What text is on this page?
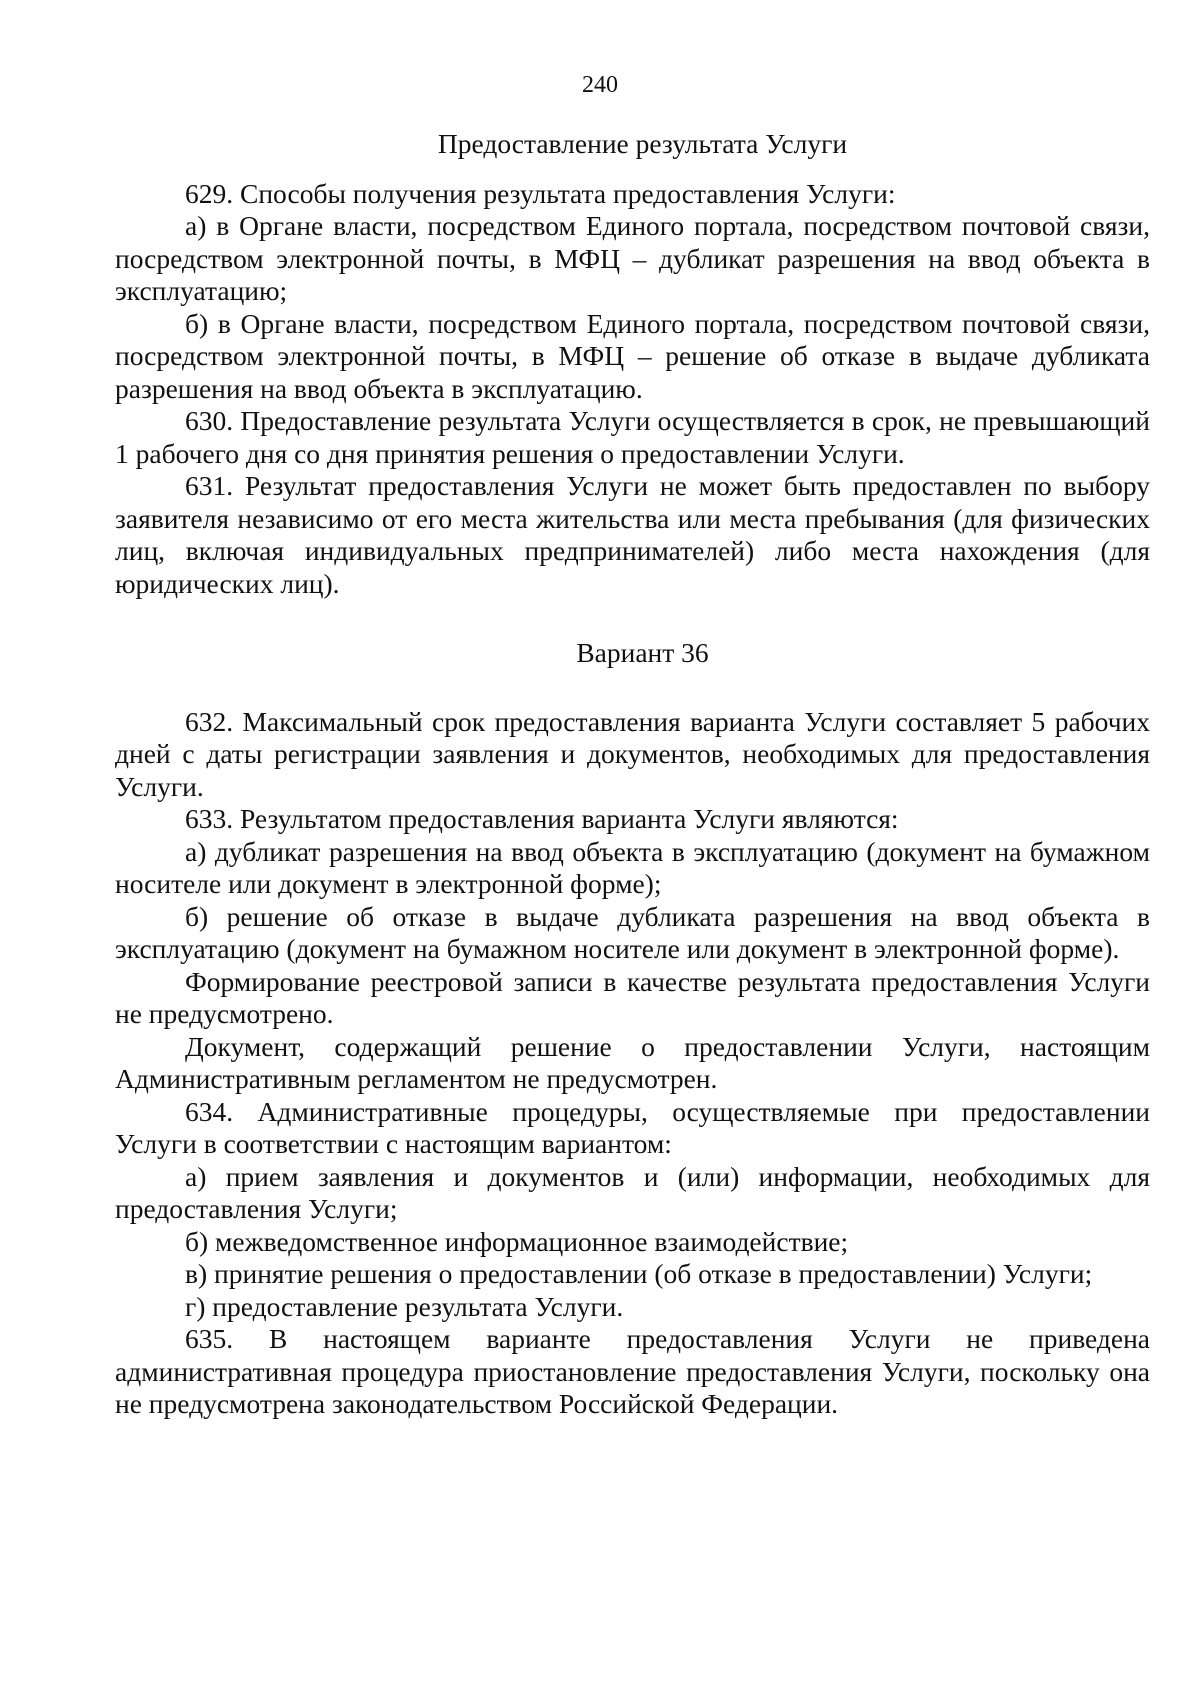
240
Предоставление результата Услуги

629. Способы получения результата предоставления Услуги:

а) в Органе власти, посредством Единого портала, посредством почтовой связи, посредством электронной почты, в МФЦ – дубликат разрешения на ввод объекта в эксплуатацию;

б) в Органе власти, посредством Единого портала, посредством почтовой связи, посредством электронной почты, в МФЦ – решение об отказе в выдаче дубликата разрешения на ввод объекта в эксплуатацию.

630. Предоставление результата Услуги осуществляется в срок, не превышающий 1 рабочего дня со дня принятия решения о предоставлении Услуги.

631. Результат предоставления Услуги не может быть предоставлен по выбору заявителя независимо от его места жительства или места пребывания (для физических лиц, включая индивидуальных предпринимателей) либо места нахождения (для юридических лиц).

Вариант 36

632. Максимальный срок предоставления варианта Услуги составляет 5 рабочих дней с даты регистрации заявления и документов, необходимых для предоставления Услуги.

633. Результатом предоставления варианта Услуги являются:

а) дубликат разрешения на ввод объекта в эксплуатацию (документ на бумажном носителе или документ в электронной форме);

б) решение об отказе в выдаче дубликата разрешения на ввод объекта в эксплуатацию (документ на бумажном носителе или документ в электронной форме).

Формирование реестровой записи в качестве результата предоставления Услуги не предусмотрено.

Документ, содержащий решение о предоставлении Услуги, настоящим Административным регламентом не предусмотрен.

634. Административные процедуры, осуществляемые при предоставлении Услуги в соответствии с настоящим вариантом:

а) прием заявления и документов и (или) информации, необходимых для предоставления Услуги;

б) межведомственное информационное взаимодействие;

в) принятие решения о предоставлении (об отказе в предоставлении) Услуги;

г) предоставление результата Услуги.

635. В настоящем варианте предоставления Услуги не приведена административная процедура приостановление предоставления Услуги, поскольку она не предусмотрена законодательством Российской Федерации.
